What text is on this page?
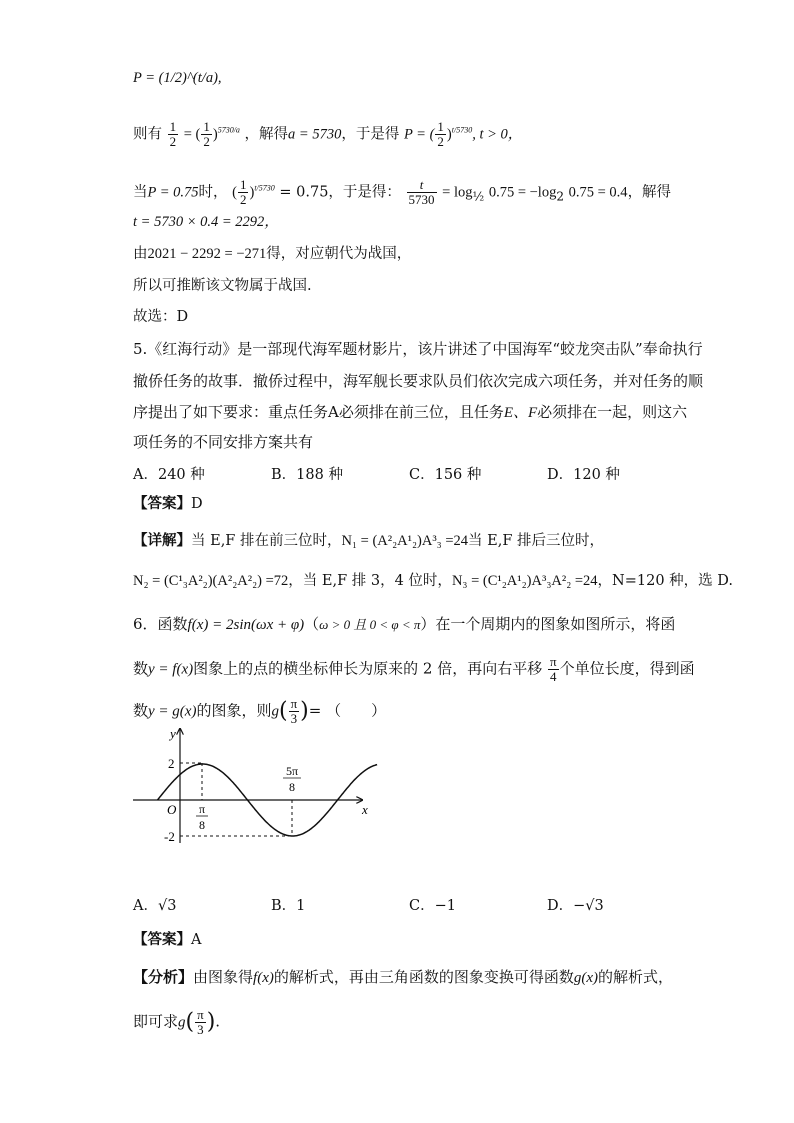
P = (1/2)^(t/a),
则有 $\frac{1}{2}$ = ( $\frac{1}{2} )^{5730/a}$ ，解得a = 5730，于是得 P = ( $\frac{1}{2} )^{t/5730}$, t > 0，
当P = 0.75时， ( $\frac{1}{2} )^{t/5730} = 0.75$，于是得： $\frac{t}{5730} = \log_{\frac{1}{2}} 0.75 = -\log_2$ 0.75 = 0.4，解得
t = 5730 × 0.4 = 2292，
由2021 − 2292 = −271得，对应朝代为战国，
所以可推断该文物属于战国.
故选：D
5.《红海行动》是一部现代海军题材影片，该片讲述了中国海军“蛟龙突击队”奉命执行
撤侨任务的故事．撤侨过程中，海军舰长要求队员们依次完成六项任务，并对任务的顺
序提出了如下要求：重点任务A必须排在前三位，且任务E、F必须排在一起，则这六
项任务的不同安排方案共有
A．240 种	B．188 种	C．156 种	D．120 种
【答案】D
【详解】当 E,F 排在前三位时，N₁ = (A²₂A¹₂)A³₃ =24当 E,F 排后三位时，
N₂ = (C¹₃A²₂)(A²₂A²₂) =72，当 E,F 排 3，4 位时，N₃ = (C¹₂A¹₂)A³₃A²₂ =24，N=120 种，选 D.
6．函数f(x) = 2sin(ωx + φ)（ω > 0 且 0 < φ < π）在一个周期内的图象如图所示，将函
数y = f(x)图象上的点的横坐标伸长为原来的 2 倍，再向右平移 $\frac{\pi}{4}$ 个单位长度，得到函
数y = g(x)的图象，则$g( \frac{\pi}{3}$ )= （　　）
y
x
O
2
-2
π
8
5π
8
A．√3	B．1	C．−1	D．−√3
【答案】A
【分析】由图象得f(x)的解析式，再由三角函数的图象变换可得函数g(x)的解析式，
即可求$g( \frac{\pi}{3}$ ).
